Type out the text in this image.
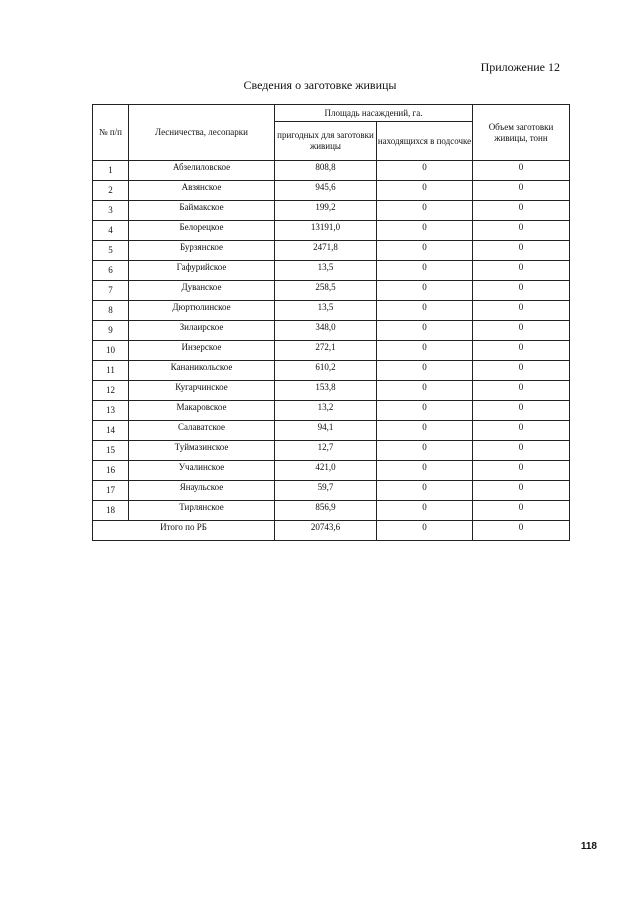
Приложение 12
Сведения о заготовке живицы
№ п/п	Лесничества, лесопарки	Площадь насаждений, га.		Объем заготовки живицы, тонн
		пригодных для заготовки живицы	находящихся в подсочке	
1	Абзелиловское	808,8	0	0
2	Авзянское	945,6	0	0
3	Баймакское	199,2	0	0
4	Белорецкое	13191,0	0	0
5	Бурзянское	2471,8	0	0
6	Гафурийское	13,5	0	0
7	Дуванское	258,5	0	0
8	Дюртюлинское	13,5	0	0
9	Зилаирское	348,0	0	0
10	Инзерское	272,1	0	0
11	Кананикольское	610,2	0	0
12	Кугарчинское	153,8	0	0
13	Макаровское	13,2	0	0
14	Салаватское	94,1	0	0
15	Туймазинское	12,7	0	0
16	Учалинское	421,0	0	0
17	Янаульское	59,7	0	0
18	Тирлянское	856,9	0	0
Итого по РБ		20743,6	0	0
118
